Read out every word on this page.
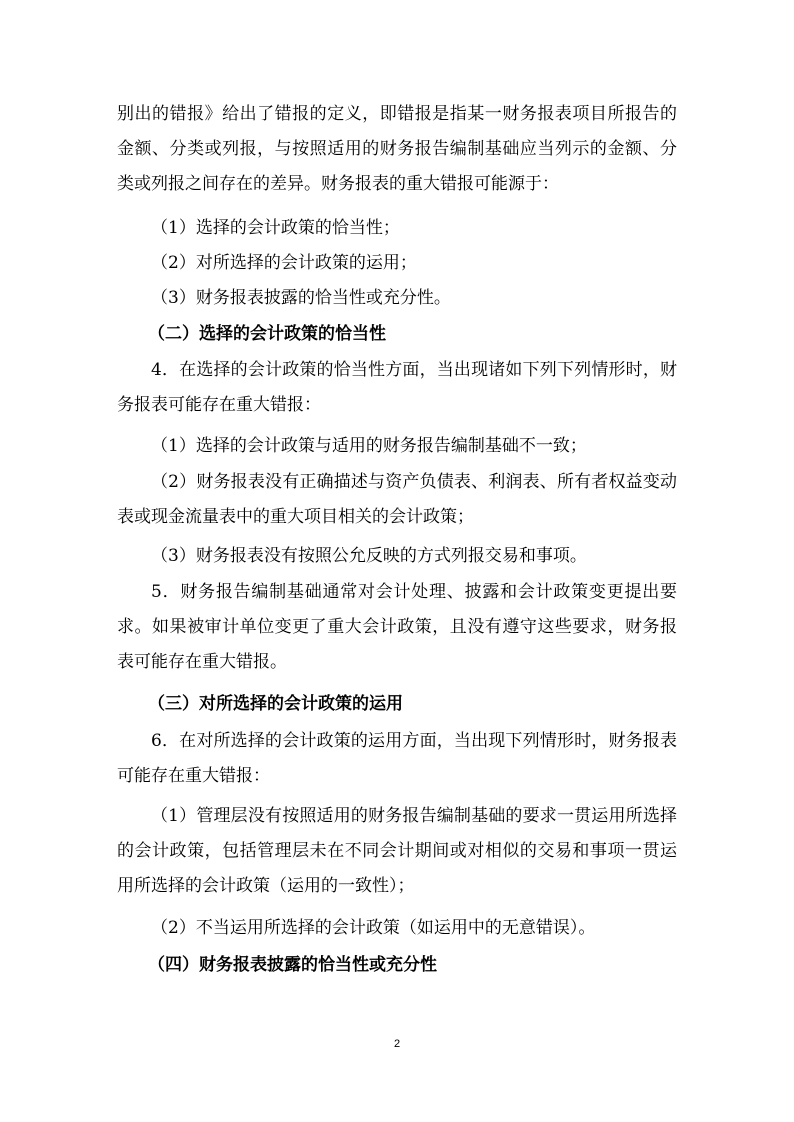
别出的错报》给出了错报的定义，即错报是指某一财务报表项目所报告的金额、分类或列报，与按照适用的财务报告编制基础应当列示的金额、分类或列报之间存在的差异。财务报表的重大错报可能源于：

（1）选择的会计政策的恰当性；

（2）对所选择的会计政策的运用；

（3）财务报表披露的恰当性或充分性。

（二）选择的会计政策的恰当性

4．在选择的会计政策的恰当性方面，当出现诸如下列下列情形时，财务报表可能存在重大错报：

（1）选择的会计政策与适用的财务报告编制基础不一致；

（2）财务报表没有正确描述与资产负债表、利润表、所有者权益变动表或现金流量表中的重大项目相关的会计政策；

（3）财务报表没有按照公允反映的方式列报交易和事项。

5．财务报告编制基础通常对会计处理、披露和会计政策变更提出要求。如果被审计单位变更了重大会计政策，且没有遵守这些要求，财务报表可能存在重大错报。

（三）对所选择的会计政策的运用

6．在对所选择的会计政策的运用方面，当出现下列情形时，财务报表可能存在重大错报：

（1）管理层没有按照适用的财务报告编制基础的要求一贯运用所选择的会计政策，包括管理层未在不同会计期间或对相似的交易和事项一贯运用所选择的会计政策（运用的一致性）；

（2）不当运用所选择的会计政策（如运用中的无意错误）。

（四）财务报表披露的恰当性或充分性

2
